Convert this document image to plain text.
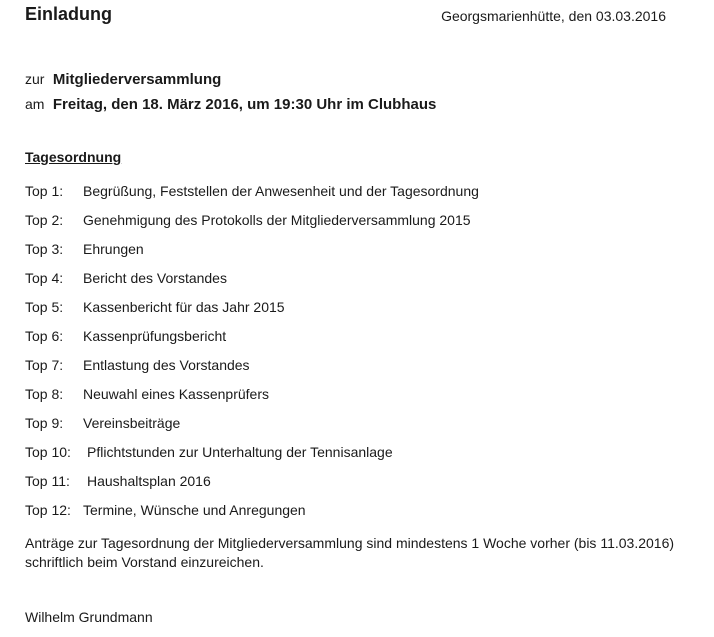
Einladung	Georgsmarienhütte, den 03.03.2016
zur Mitgliederversammlung
am Freitag, den 18. März 2016, um 19:30 Uhr im Clubhaus
Tagesordnung
Top 1: Begrüßung, Feststellen der Anwesenheit und der Tagesordnung
Top 2: Genehmigung des Protokolls der Mitgliederversammlung 2015
Top 3: Ehrungen
Top 4: Bericht des Vorstandes
Top 5: Kassenbericht für das Jahr 2015
Top 6: Kassenprüfungsbericht
Top 7: Entlastung des Vorstandes
Top 8: Neuwahl eines Kassenprüfers
Top 9: Vereinsbeiträge
Top 10: Pflichtstunden zur Unterhaltung der Tennisanlage
Top 11: Haushaltsplan 2016
Top 12: Termine, Wünsche und Anregungen
Anträge zur Tagesordnung der Mitgliederversammlung sind mindestens 1 Woche vorher (bis 11.03.2016) schriftlich beim Vorstand einzureichen.
Wilhelm Grundmann
